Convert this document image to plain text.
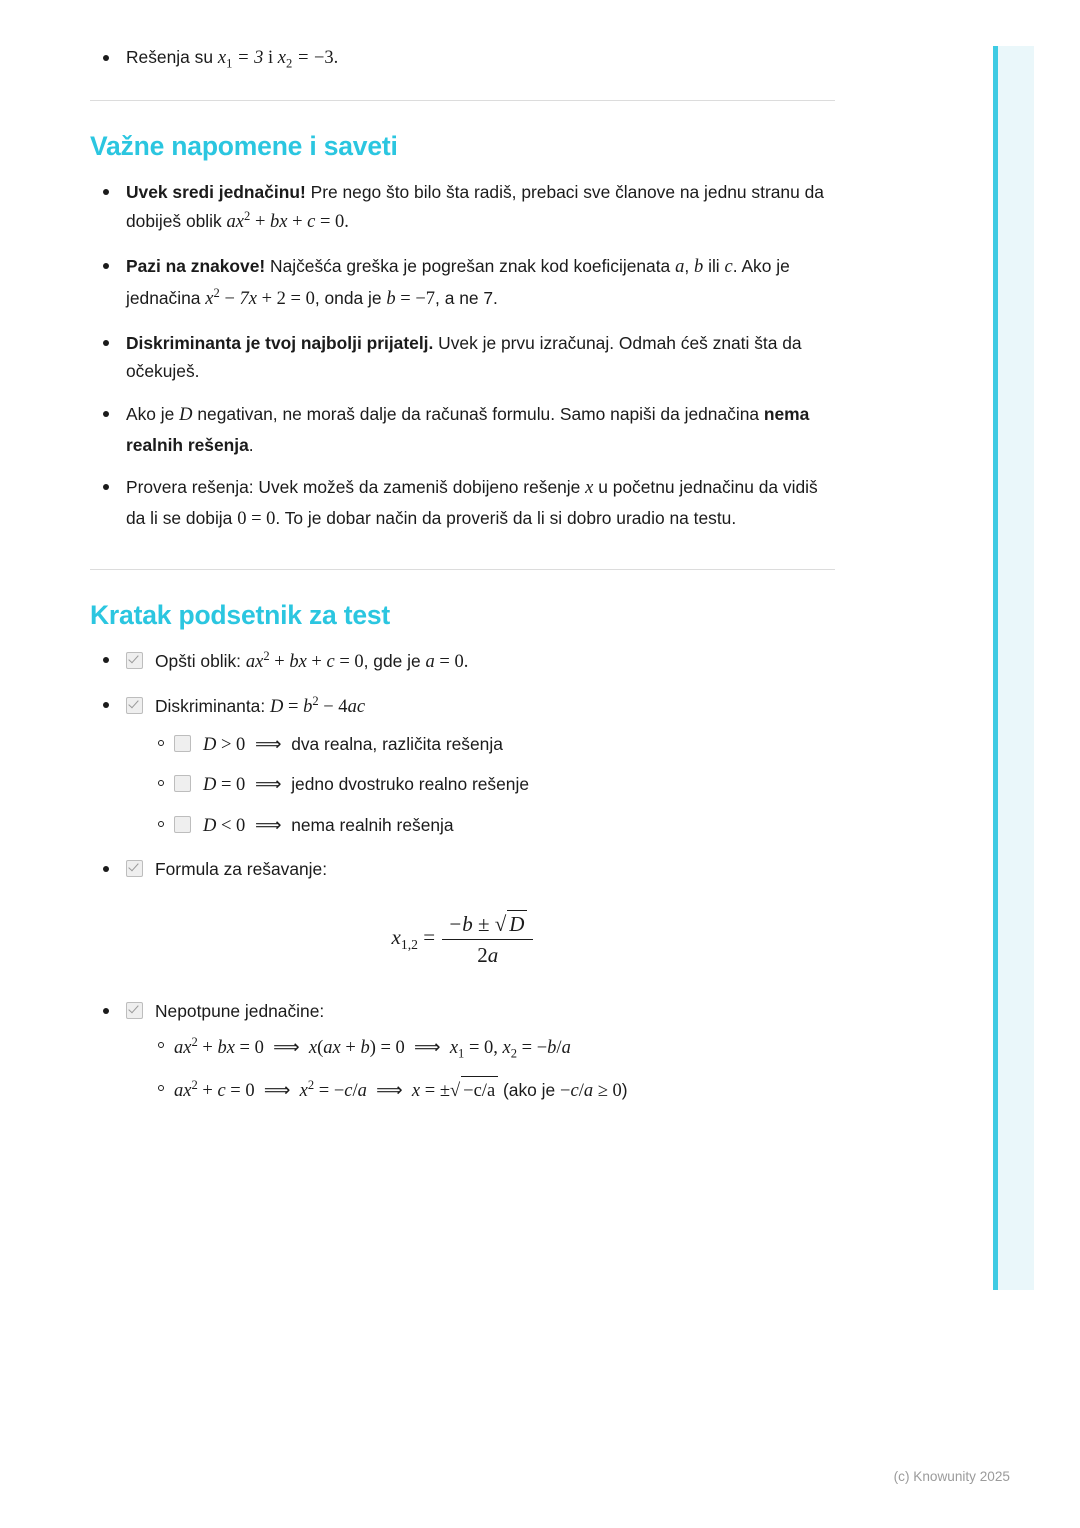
Rešenja su $x_1 = 3$ i $x_2 = -3$.

Važne napomene i saveti
Uvek sredi jednačinu! Pre nego što bilo šta radiš, prebaci sve članove na jednu stranu da dobiješ oblik $ax^2$ + bx + c = 0.
Pazi na znakove! Najčešća greška je pogrešan znak kod koeficijenata a, b ili c. Ako je jednačina $x^2 - 7x + 2 = 0$, onda je b = −7, a ne 7.
Diskriminanta je tvoj najbolji prijatelj. Uvek je prvu izračunaj. Odmah ćeš znati šta da očekuješ.
Ako je D negativan, ne moraš dalje da računaš formulu. Samo napiši da jednačina nema realnih rešenja.
Provera rešenja: Uvek možeš da zameniš dobijeno rešenje x u početnu jednačinu da vidiš da li se dobija 0 = 0. To je dobar način da proveriš da li si dobro uradio na testu.
Kratak podsetnik za test
Opšti oblik: $ax^2$ + bx + c = 0, gde je a = 0.
Diskriminanta: $D = b^2 - 4ac$
D > 0 ⟹ dva realna, različita rešenja
D = 0 ⟹ jedno dvostruko realno rešenje
D < 0 ⟹ nema realnih rešenja
Formula za rešavanje:
$x_{1,2} = \frac{-b \pm √ D}{2a}$
Nepotpune jednačine:
$ax^2$ + bx = 0 ⟹  x(ax + b) = 0 ⟹  $x_1 = 0$, $x_2 = -b/a$
$ax^2 + c = 0$ ⟹  $x^2 = -c/a$  ⟹  x = ±√ −c/a (ako je −c/a ≥ 0)
(c) Knowunity 2025
